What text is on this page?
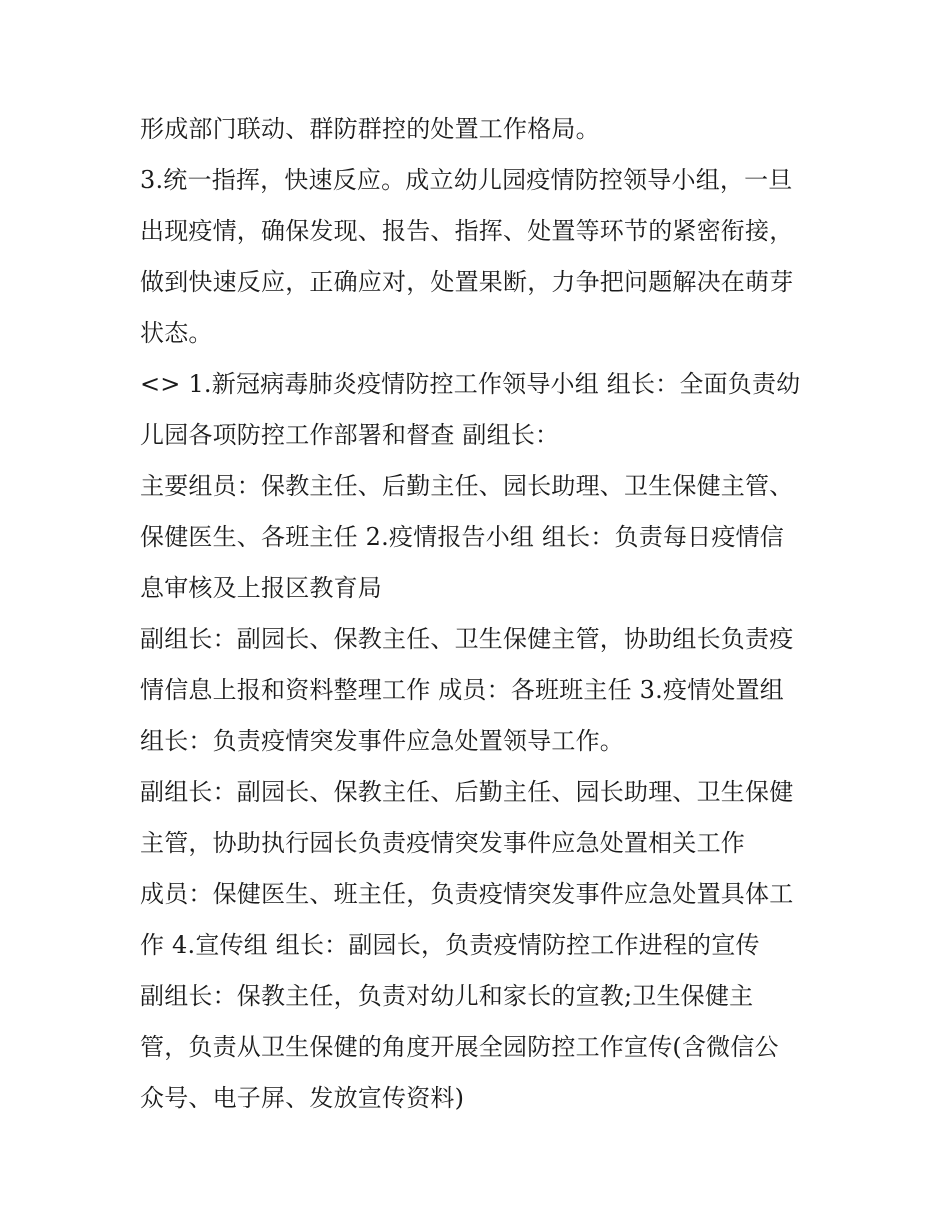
形成部门联动、群防群控的处置工作格局。
3.统一指挥，快速反应。成立幼儿园疫情防控领导小组，一旦
出现疫情，确保发现、报告、指挥、处置等环节的紧密衔接，
做到快速反应，正确应对，处置果断，力争把问题解决在萌芽
状态。
<> 1.新冠病毒肺炎疫情防控工作领导小组 组长：全面负责幼
儿园各项防控工作部署和督查 副组长：
主要组员：保教主任、后勤主任、园长助理、卫生保健主管、
保健医生、各班主任 2.疫情报告小组 组长：负责每日疫情信
息审核及上报区教育局
副组长：副园长、保教主任、卫生保健主管，协助组长负责疫
情信息上报和资料整理工作 成员：各班班主任 3.疫情处置组
组长：负责疫情突发事件应急处置领导工作。
副组长：副园长、保教主任、后勤主任、园长助理、卫生保健
主管，协助执行园长负责疫情突发事件应急处置相关工作
成员：保健医生、班主任，负责疫情突发事件应急处置具体工
作 4.宣传组 组长：副园长，负责疫情防控工作进程的宣传
副组长：保教主任，负责对幼儿和家长的宣教;卫生保健主
管，负责从卫生保健的角度开展全园防控工作宣传(含微信公
众号、电子屏、发放宣传资料)
